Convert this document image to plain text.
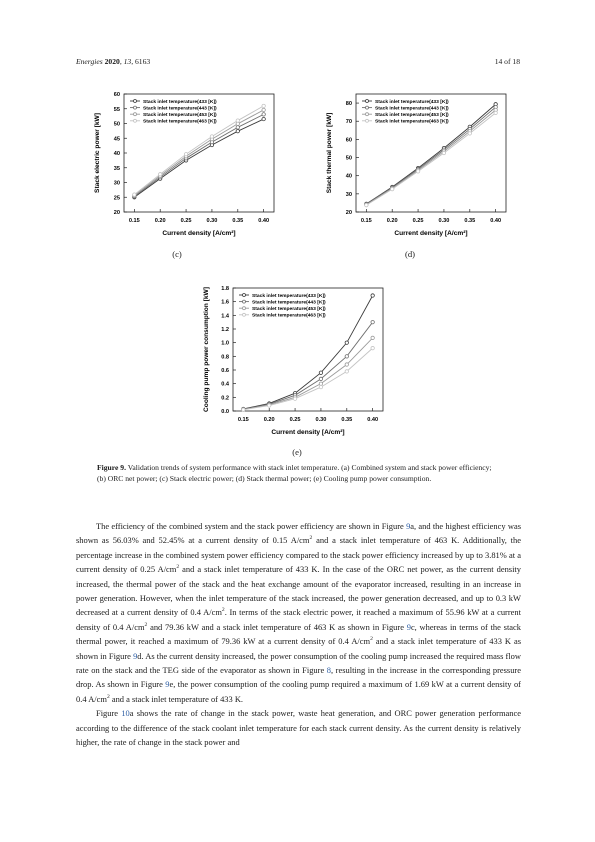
Energies 2020, 13, 6163	14 of 18
0.15	0.20	0.25	0.30	0.35	0.40
20
25
30
35
40
45
50
55
60
Current density [A/cm²]
Stack electric power [kW]
Stack inlet temperature(433 [K])
Stack inlet temperature(443 [K])
Stack inlet temperature(453 [K])
Stack inlet temperature(463 [K])
(c)
0.15	0.20	0.25	0.30	0.35	0.40
20
30
40
50
60
70
80
Current density [A/cm²]
Stack thermal power [kW]
Stack inlet temperature(433 [K])
Stack inlet temperature(443 [K])
Stack inlet temperature(453 [K])
Stack inlet temperature(463 [K])
(d)
0.15	0.20	0.25	0.30	0.35	0.40
0.0
0.2
0.4
0.6
0.8
1.0
1.2
1.4
1.6
1.8
Current density [A/cm²]
Cooling pump power consumption [kW]	Stack inlet temperature(433 [K])
Stack inlet temperature(443 [K])
Stack inlet temperature(453 [K])
Stack inlet temperature(463 [K])
(e)
Figure 9. Validation trends of system performance with stack inlet temperature. (a) Combined system and stack power efficiency; (b) ORC net power; (c) Stack electric power; (d) Stack thermal power; (e) Cooling pump power consumption.

The efficiency of the combined system and the stack power efficiency are shown in Figure 9a, and the highest efficiency was shown as 56.03% and 52.45% at a current density of 0.15 $A/cm^2$ and a stack inlet temperature of 463 K. Additionally, the percentage increase in the combined system power efficiency compared to the stack power efficiency increased by up to 3.81% at a current density of 0.25 $A/cm^2$ and a stack inlet temperature of 433 K. In the case of the ORC net power, as the current density increased, the thermal power of the stack and the heat exchange amount of the evaporator increased, resulting in an increase in power generation. However, when the inlet temperature of the stack increased, the power generation decreased, and up to 0.3 kW decreased at a current density of 0.4 $A/cm^2$. In terms of the stack electric power, it reached a maximum of 55.96 kW at a current density of 0.4 $A/cm^2$ and 79.36 kW and a stack inlet temperature of 463 K as shown in Figure 9c, whereas in terms of the stack thermal power, it reached a maximum of 79.36 kW at a current density of 0.4 $A/cm^2$ and a stack inlet temperature of 433 K as shown in Figure 9d. As the current density increased, the power consumption of the cooling pump increased the required mass flow rate on the stack and the TEG side of the evaporator as shown in Figure 8, resulting in the increase in the corresponding pressure drop. As shown in Figure 9e, the power consumption of the cooling pump required a maximum of 1.69 kW at a current density of 0.4 $A/cm^2$ and a stack inlet temperature of 433 K.

Figure 10a shows the rate of change in the stack power, waste heat generation, and ORC power generation performance according to the difference of the stack coolant inlet temperature for each stack current density. As the current density is relatively higher, the rate of change in the stack power and
